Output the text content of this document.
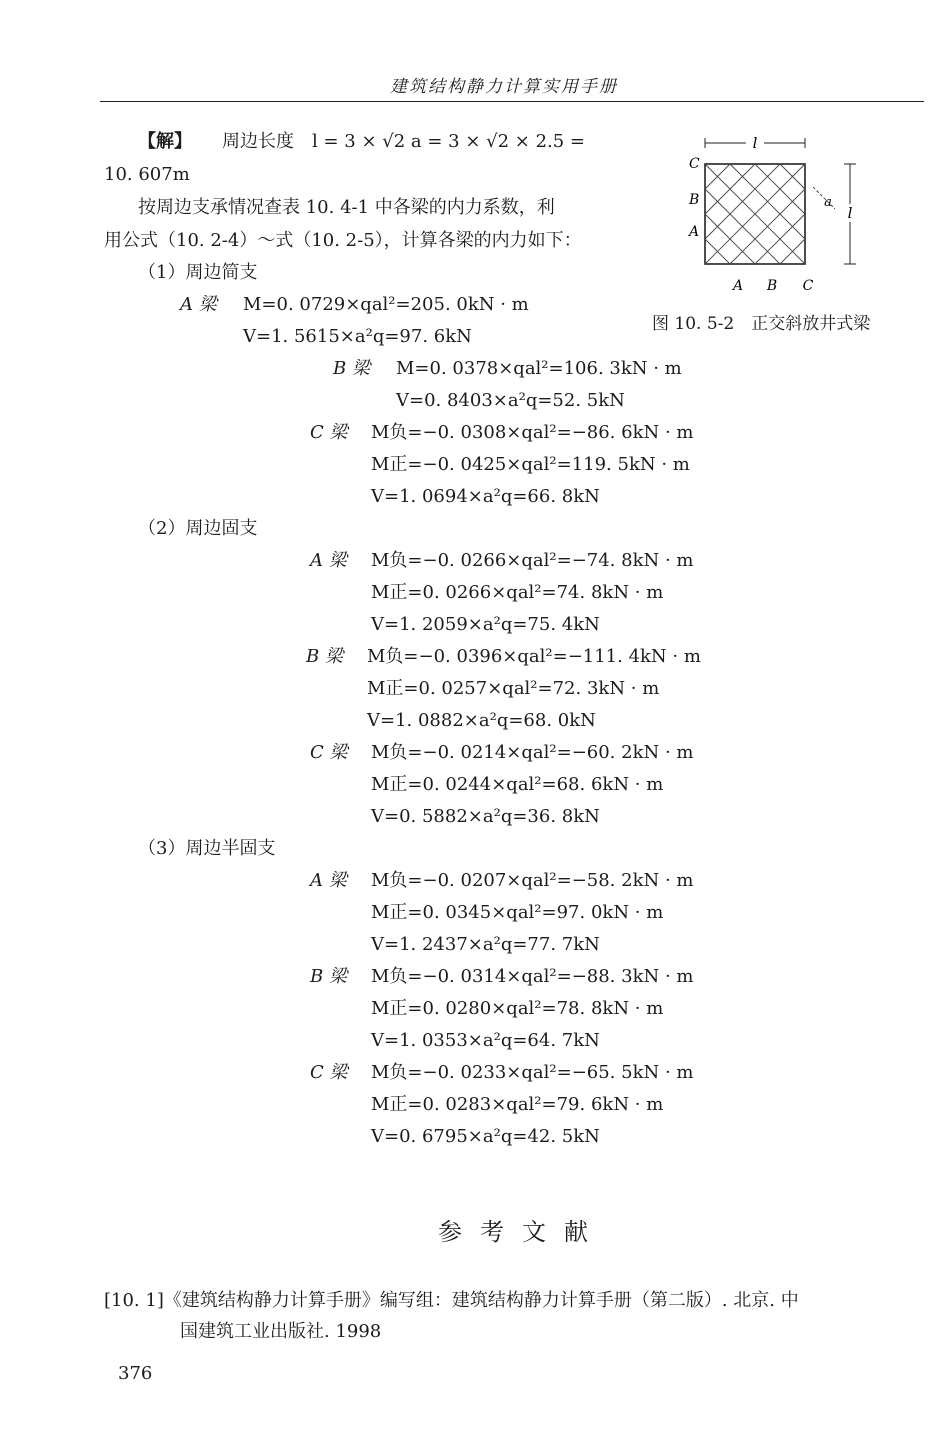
建筑结构静力计算实用手册
【解】 周边长度　l = 3 × √2 a = 3 × √2 × 2.5 =
10. 607m
按周边支承情况查表 10. 4-1 中各梁的内力系数，利
用公式（10. 2-4）～式（10. 2-5），计算各梁的内力如下：
l
l
a
C
B
A
A B C
图 10. 5-2　正交斜放井式梁
（1）周边简支
A 梁 M=0. 0729×qal²=205. 0kN · m
V=1. 5615×a²q=97. 6kN
B 梁 M=0. 0378×qal²=106. 3kN · m
V=0. 8403×a²q=52. 5kN
C 梁 M负=−0. 0308×qal²=−86. 6kN · m
M正=−0. 0425×qal²=119. 5kN · m
V=1. 0694×a²q=66. 8kN
（2）周边固支
A 梁 M负=−0. 0266×qal²=−74. 8kN · m
M正=0. 0266×qal²=74. 8kN · m
V=1. 2059×a²q=75. 4kN
B 梁 M负=−0. 0396×qal²=−111. 4kN · m
M正=0. 0257×qal²=72. 3kN · m
V=1. 0882×a²q=68. 0kN
C 梁 M负=−0. 0214×qal²=−60. 2kN · m
M正=0. 0244×qal²=68. 6kN · m
V=0. 5882×a²q=36. 8kN
（3）周边半固支
A 梁 M负=−0. 0207×qal²=−58. 2kN · m
M正=0. 0345×qal²=97. 0kN · m
V=1. 2437×a²q=77. 7kN
B 梁 M负=−0. 0314×qal²=−88. 3kN · m
M正=0. 0280×qal²=78. 8kN · m
V=1. 0353×a²q=64. 7kN
C 梁 M负=−0. 0233×qal²=−65. 5kN · m
M正=0. 0283×qal²=79. 6kN · m
V=0. 6795×a²q=42. 5kN
参考文献
[10. 1]《建筑结构静力计算手册》编写组：建筑结构静力计算手册（第二版）. 北京. 中
国建筑工业出版社. 1998
376
